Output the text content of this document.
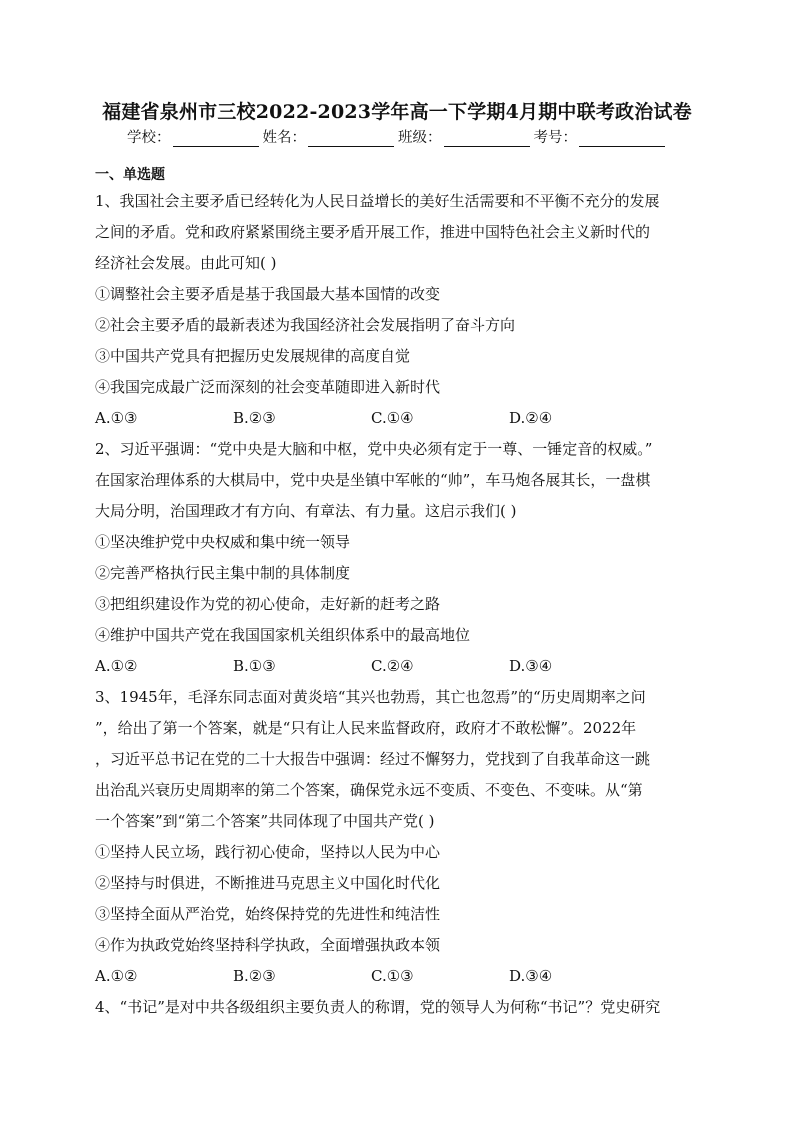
福建省泉州市三校2022-2023学年高一下学期4月期中联考政治试卷
学校：	姓名：	班级：	考号：
一、单选题
1、我国社会主要矛盾已经转化为人民日益增长的美好生活需要和不平衡不充分的发展
之间的矛盾。党和政府紧紧围绕主要矛盾开展工作，推进中国特色社会主义新时代的
经济社会发展。由此可知( )
①调整社会主要矛盾是基于我国最大基本国情的改变
②社会主要矛盾的最新表述为我国经济社会发展指明了奋斗方向
③中国共产党具有把握历史发展规律的高度自觉
④我国完成最广泛而深刻的社会变革随即进入新时代
A.①③	B.②③	C.①④	D.②④
2、习近平强调：“党中央是大脑和中枢，党中央必须有定于一尊、一锤定音的权威。”
在国家治理体系的大棋局中，党中央是坐镇中军帐的“帅”，车马炮各展其长，一盘棋
大局分明，治国理政才有方向、有章法、有力量。这启示我们( )
①坚决维护党中央权威和集中统一领导
②完善严格执行民主集中制的具体制度
③把组织建设作为党的初心使命，走好新的赶考之路
④维护中国共产党在我国国家机关组织体系中的最高地位
A.①②	B.①③	C.②④	D.③④
3、1945年，毛泽东同志面对黄炎培“其兴也勃焉，其亡也忽焉”的“历史周期率之问
”，给出了第一个答案，就是“只有让人民来监督政府，政府才不敢松懈”。2022年
，习近平总书记在党的二十大报告中强调：经过不懈努力，党找到了自我革命这一跳
出治乱兴衰历史周期率的第二个答案，确保党永远不变质、不变色、不变味。从“第
一个答案”到“第二个答案”共同体现了中国共产党( )
①坚持人民立场，践行初心使命，坚持以人民为中心
②坚持与时俱进，不断推进马克思主义中国化时代化
③坚持全面从严治党，始终保持党的先进性和纯洁性
④作为执政党始终坚持科学执政，全面增强执政本领
A.①②	B.②③	C.①③	D.③④
4、“书记”是对中共各级组织主要负责人的称谓，党的领导人为何称“书记”？党史研究
